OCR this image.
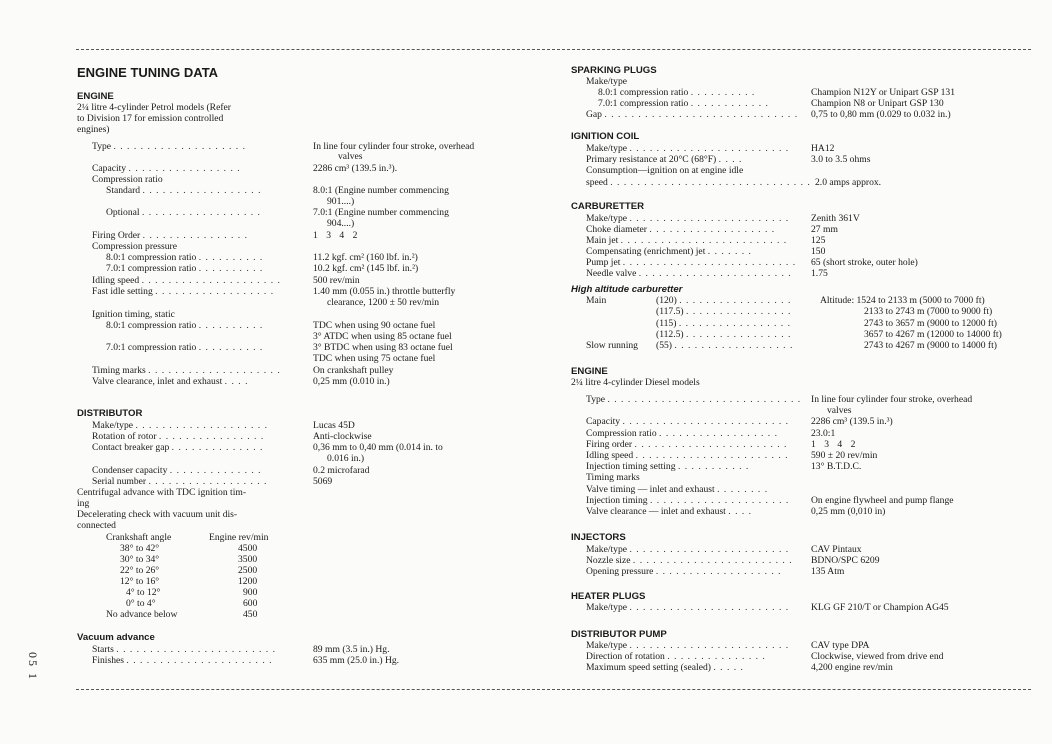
05 1
ENGINE TUNING DATA
ENGINE
2¼ litre 4-cylinder Petrol models (Refer
to Division 17 for emission controlled
engines)
Type . . . . . . . . . . . . . . . . . . . .	In line four cylinder four stroke, overhead
valves
Capacity . . . . . . . . . . . . . . . . .	2286 cm³ (139.5 in.³).
Compression ratio
Standard . . . . . . . . . . . . . . . . . .	8.0:1 (Engine number commencing
901....)
Optional . . . . . . . . . . . . . . . . . .	7.0:1 (Engine number commencing
904....)
Firing Order . . . . . . . . . . . . . . . .	1 3 4 2
Compression pressure
8.0:1 compression ratio . . . . . . . . . .	11.2 kgf. cm² (160 lbf. in.²)
7.0:1 compression ratio . . . . . . . . . .	10.2 kgf. cm² (145 lbf. in.²)
Idling speed . . . . . . . . . . . . . . . . . . . . .	500 rev/min
Fast idle setting . . . . . . . . . . . . . . . . . .	1.40 mm (0.055 in.) throttle butterfly
clearance, 1200 ± 50 rev/min
Ignition timing, static
8.0:1 compression ratio . . . . . . . . . .	TDC when using 90 octane fuel
3° ATDC when using 85 octane fuel
7.0:1 compression ratio . . . . . . . . . .	3° BTDC when using 83 octane fuel
TDC when using 75 octane fuel
Timing marks . . . . . . . . . . . . . . . . . . . .	On crankshaft pulley
Valve clearance, inlet and exhaust . . . .	0,25 mm (0.010 in.)
DISTRIBUTOR
Make/type . . . . . . . . . . . . . . . . . . . .	Lucas 45D
Rotation of rotor . . . . . . . . . . . . . . . .	Anti-clockwise
Contact breaker gap . . . . . . . . . . . . . .	0,36 mm to 0,40 mm (0.014 in. to
0.016 in.)
Condenser capacity . . . . . . . . . . . . . .	0.2 microfarad
Serial number . . . . . . . . . . . . . . . . . .	5069
Centrifugal advance with TDC ignition tim-
ing
Decelerating check with vacuum unit dis-
connected
Crankshaft angle	Engine rev/min
38° to 42°	4500
30° to 34°	3500
22° to 26°	2500
12° to 16°	1200
4° to 12°	900
0° to 4°	600
No advance below	450
Vacuum advance
Starts . . . . . . . . . . . . . . . . . . . . . . . .	89 mm (3.5 in.) Hg.
Finishes . . . . . . . . . . . . . . . . . . . . . .	635 mm (25.0 in.) Hg.
SPARKING PLUGS
Make/type
8.0:1 compression ratio . . . . . . . . . .	Champion N12Y or Unipart GSP 131
7.0:1 compression ratio . . . . . . . . . . . .	Champion N8 or Unipart GSP 130
Gap . . . . . . . . . . . . . . . . . . . . . . . . . . . . . 0,75 to 0,80 mm (0.029 to 0.032 in.)
IGNITION COIL
Make/type . . . . . . . . . . . . . . . . . . . . . . . . HA12
Primary resistance at 20°C (68°F) . . . .	3.0 to 3.5 ohms
Consumption—ignition on at engine idle
speed . . . . . . . . . . . . . . . . . . . . . . . . . . . . . . 2.0 amps approx.
CARBURETTER
Make/type . . . . . . . . . . . . . . . . . . . . . . . . Zenith 361V
Choke diameter . . . . . . . . . . . . . . . . . . .	27 mm
Main jet . . . . . . . . . . . . . . . . . . . . . . . . . 125
Compensating (enrichment) jet . . . . . . .	150
Pump jet . . . . . . . . . . . . . . . . . . . . . . . . . . 65 (short stroke, outer hole)
Needle valve . . . . . . . . . . . . . . . . . . . . . . . 1.75
High altitude carburetter
Main	(120) . . . . . . . . . . . . . . . . .	Altitude: 1524 to 2133 m (5000 to 7000 ft)
(117.5) . . . . . . . . . . . . . . . .	2133 to 2743 m (7000 to 9000 ft)
(115) . . . . . . . . . . . . . . . . .	2743 to 3657 m (9000 to 12000 ft)
(112.5) . . . . . . . . . . . . . . . .	3657 to 4267 m (12000 to 14000 ft)
Slow running (55) . . . . . . . . . . . . . . . . . .	2743 to 4267 m (9000 to 14000 ft)
ENGINE
2¼ litre 4-cylinder Diesel models
Type . . . . . . . . . . . . . . . . . . . . . . . . . . . . . In line four cylinder four stroke, overhead
valves
Capacity . . . . . . . . . . . . . . . . . . . . . . . . . 2286 cm³ (139.5 in.³)
Compression ratio . . . . . . . . . . . . . . . . . .	23.0:1
Firing order . . . . . . . . . . . . . . . . . . . . . . . 1 3 4 2
Idling speed . . . . . . . . . . . . . . . . . . . . . . . 590 ± 20 rev/min
Injection timing setting . . . . . . . . . . .	13° B.T.D.C.
Timing marks
Valve timing — inlet and exhaust . . . . . . . .
Injection timing . . . . . . . . . . . . . . . . . . . . . On engine flywheel and pump flange
Valve clearance — inlet and exhaust . . . .	0,25 mm (0,010 in)
INJECTORS
Make/type . . . . . . . . . . . . . . . . . . . . . . . . CAV Pintaux
Nozzle size . . . . . . . . . . . . . . . . . . . . . . . . BDNO/SPC 6209
Opening pressure . . . . . . . . . . . . . . . . . . .	135 Atm
HEATER PLUGS
Make/type . . . . . . . . . . . . . . . . . . . . . . . . KLG GF 210/T or Champion AG45
DISTRIBUTOR PUMP
Make/type . . . . . . . . . . . . . . . . . . . . . . . . CAV type DPA
Direction of rotation . . . . . . . . . . . . . . .	Clockwise, viewed from drive end
Maximum speed setting (sealed) . . . . .	4,200 engine rev/min
